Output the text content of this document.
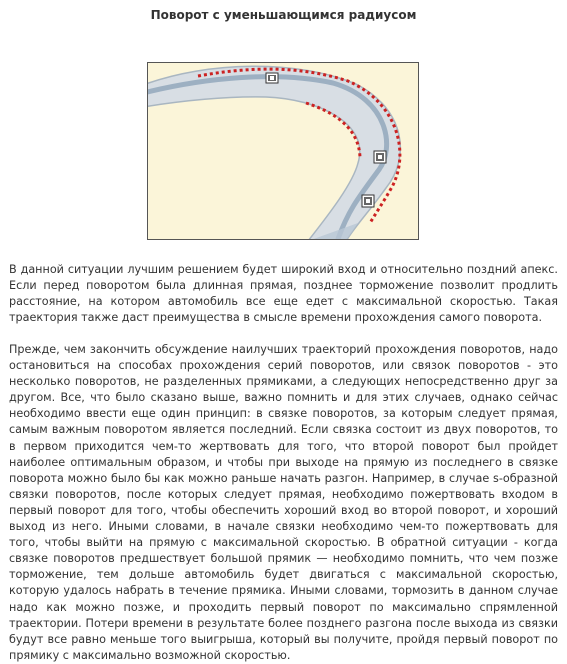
Поворот с уменьшающимся радиусом

В данной ситуации лучшим решением будет широкий вход и относительно поздний апекс. Если перед поворотом была длинная прямая, позднее торможение позволит продлить расстояние, на котором автомобиль все еще едет с максимальной скоростью. Такая траектория также даст преимущества в смысле времени прохождения самого поворота.

Прежде, чем закончить обсуждение наилучших траекторий прохождения поворотов, надо остановиться на способах прохождения серий поворотов, или связок поворотов - это несколько поворотов, не разделенных прямиками, а следующих непосредственно друг за другом. Все, что было сказано выше, важно помнить и для этих случаев, однако сейчас необходимо ввести еще один принцип: в связке поворотов, за которым следует прямая, самым важным поворотом является последний. Если связка состоит из двух поворотов, то в первом приходится чем-то жертвовать для того, что второй поворот был пройдет наиболее оптимальным образом, и чтобы при выходе на прямую из последнего в связке поворота можно было бы как можно раньше начать разгон. Например, в случае s-образной связки поворотов, после которых следует прямая, необходимо пожертвовать входом в первый поворот для того, чтобы обеспечить хороший вход во второй поворот, и хороший выход из него. Иными словами, в начале связки необходимо чем-то пожертвовать для того, чтобы выйти на прямую с максимальной скоростью. В обратной ситуации - когда связке поворотов предшествует большой прямик — необходимо помнить, что чем позже торможение, тем дольше автомобиль будет двигаться с максимальной скоростью, которую удалось набрать в течение прямика. Иными словами, тормозить в данном случае надо как можно позже, и проходить первый поворот по максимально спрямленной траектории. Потери времени в результате более позднего разгона после выхода из связки будут все равно меньше того выигрыша, который вы получите, пройдя первый поворот по прямику с максимально возможной скоростью.
